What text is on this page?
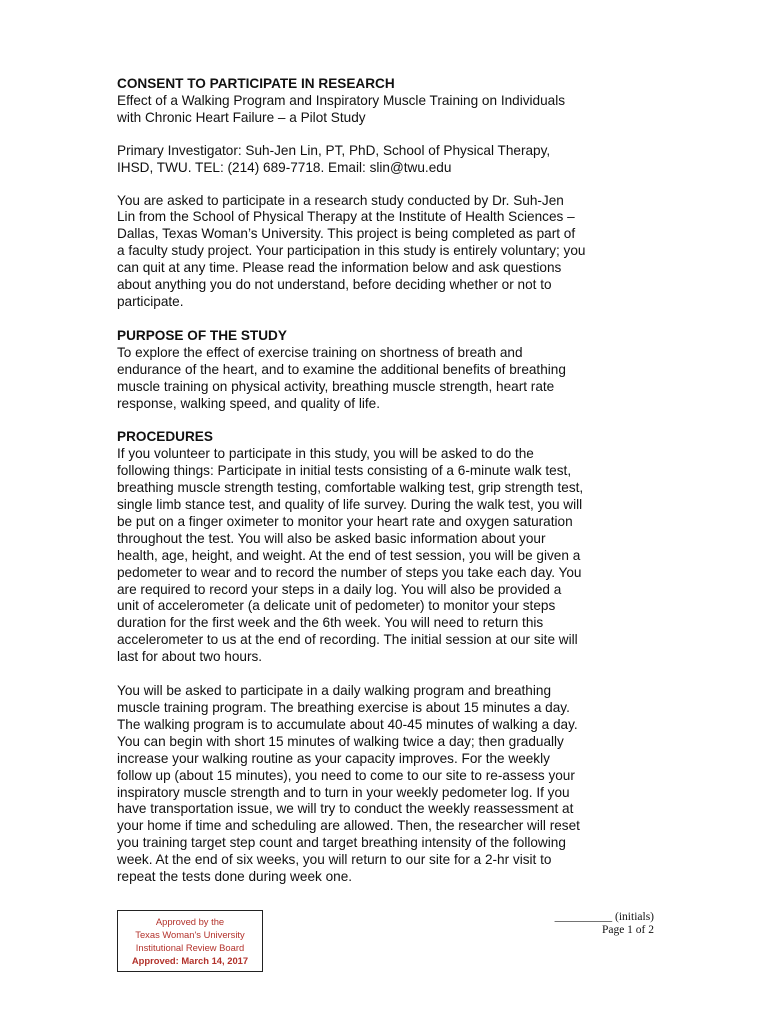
CONSENT TO PARTICIPATE IN RESEARCH

Effect of a Walking Program and Inspiratory Muscle Training on Individuals

with Chronic Heart Failure – a Pilot Study

Primary Investigator: Suh-Jen Lin, PT, PhD, School of Physical Therapy,

IHSD, TWU. TEL: (214) 689-7718. Email: slin@twu.edu

You are asked to participate in a research study conducted by Dr. Suh-Jen

Lin from the School of Physical Therapy at the Institute of Health Sciences –

Dallas, Texas Woman’s University. This project is being completed as part of

a faculty study project. Your participation in this study is entirely voluntary; you

can quit at any time. Please read the information below and ask questions

about anything you do not understand, before deciding whether or not to

participate.

PURPOSE OF THE STUDY

To explore the effect of exercise training on shortness of breath and

endurance of the heart, and to examine the additional benefits of breathing

muscle training on physical activity, breathing muscle strength, heart rate

response, walking speed, and quality of life.

PROCEDURES

If you volunteer to participate in this study, you will be asked to do the

following things: Participate in initial tests consisting of a 6-minute walk test,

breathing muscle strength testing, comfortable walking test, grip strength test,

single limb stance test, and quality of life survey. During the walk test, you will

be put on a finger oximeter to monitor your heart rate and oxygen saturation

throughout the test. You will also be asked basic information about your

health, age, height, and weight. At the end of test session, you will be given a

pedometer to wear and to record the number of steps you take each day. You

are required to record your steps in a daily log. You will also be provided a

unit of accelerometer (a delicate unit of pedometer) to monitor your steps

duration for the first week and the 6th week. You will need to return this

accelerometer to us at the end of recording. The initial session at our site will

last for about two hours.

You will be asked to participate in a daily walking program and breathing

muscle training program. The breathing exercise is about 15 minutes a day.

The walking program is to accumulate about 40-45 minutes of walking a day.

You can begin with short 15 minutes of walking twice a day; then gradually

increase your walking routine as your capacity improves. For the weekly

follow up (about 15 minutes), you need to come to our site to re-assess your

inspiratory muscle strength and to turn in your weekly pedometer log. If you

have transportation issue, we will try to conduct the weekly reassessment at

your home if time and scheduling are allowed. Then, the researcher will reset

you training target step count and target breathing intensity of the following

week. At the end of six weeks, you will return to our site for a 2-hr visit to

repeat the tests done during week one.

Approved by the
Texas Woman's University
Institutional Review Board
Approved: March 14, 2017
__________ (initials)
Page 1 of 2
